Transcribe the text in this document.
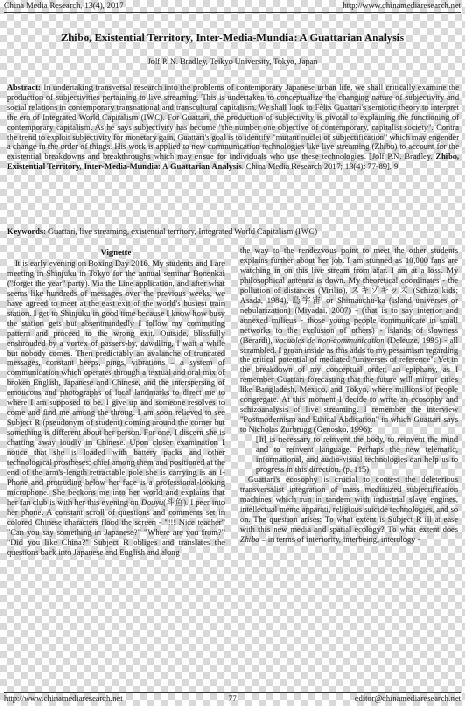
China Media Research, 13(4), 2017	http://www.chinamediaresearch.net
Zhibo, Existential Territory, Inter-Media-Mundia: A Guattarian Analysis
Jolf P. N. Bradley, Teikyo University, Tokyo, Japan
Abstract: In undertaking transversal research into the problems of contemporary Japanese urban life, we shall critically examine the production of subjectivities pertaining to live streaming. This is undertaken to conceptualize the changing nature of subjectivity and social relations in contemporary transnational and transcultural capitalism. We shall look to Félix Guattari's semiotic theory to interpret the era of Integrated World Capitalism (IWC). For Guattari, the production of subjectivity is pivotal to explaining the functioning of contemporary capitalism. As he says subjectivity has become "the number one objective of contemporary, capitalist society". Contra the trend to exploit subjectivity for monetary gain, Guattari's goal is to identify "mutant nuclei of subjectification" which may engender a change in the order of things. His work is applied to new communication technologies like live streaming (Zhibo) to account for the existential breakdowns and breakthroughs which may ensue for individuals who use these technologies. [Jolf P.N. Bradley. Zhibo, Existential Territory, Inter-Media-Mundia: A Guattarian Analysis. China Media Research 2017; 13(4): 77-89]. 9
Keywords: Guattari, live streaming, existential territory, Integrated World Capitalism (IWC)
Vignette

It is early evening on Boxing Day 2016. My students and I are meeting in Shinjuku in Tokyo for the annual seminar Bonenkai ("forget the year" party). Via the Line application, and after what seems like hundreds of messages over the previous weeks, we have agreed to meet at the east exit of the world's busiest train station. I get to Shinjuku in good time because I know how busy the station gets but absentmindedly I follow my commuting pattern and proceed to the wrong exit. Outside, blissfully enshrouded by a vortex of passers-by, dawdling, I wait a while but nobody comes. Then predictably an avalanche of truncated messages, constant beeps, pings, vibrations – a system of communication which operates through a textual and oral mix of broken English, Japanese and Chinese, and the interspersing of emoticons and photographs of local landmarks to direct me to where I am supposed to be. I give up and someone resolves to come and find me among the throng. I am soon relieved to see Subject R (pseudonym of student) coming around the corner but something is different about her person. For one, I discern she is chatting away loudly in Chinese. Upon closer examination I notice that she is loaded with battery packs and other technological prostheses; chief among them and positioned at the end of the arm's-length retractable pole she is carrying is an I-Phone and protruding below her face is a professional-looking microphone. She beckons me into her world and explains that her fan club is with her this evening on Douyu(斗鱼). I peer into her phone. A constant scroll of questions and comments set in colored Chinese characters flood the screen - "!!! Nice teacher" "Can you say something in Japanese?" "Where are you from?" "Did you like China?" Subject R obliges and translates the questions back into Japanese and English and along

the way to the rendezvous point to meet the other students explains further about her job. I am stunned as 10,000 fans are watching in on this live stream from afar. I am at a loss. My philosophical antenna is down. My theoretical coordinates - the pollution of distances (Virilio), スキゾキッズ (Schizo kids; Asada, 1984), 島宇宙 or Shimauchu-ka (island universes or nebularization) (Miyadai, 2007) - (that is to say interior and annexed milieus - those young people communicate in small networks to the exclusion of others) - islands of slowness (Berardi), vacuoles de non-communication (Deleuze, 1995) - all scrambled. I groan inside as this adds to my pessimism regarding the critical potential of mediated "universes of reference". Yet in the breakdown of my conceptual order, an epiphany, as I remember Guattari forecasting that the future will mirror cities like Bangladesh, Mexico, and Tokyo, where millions of people congregate. At this moment I decide to write an ecosophy and schizoanalysis of live streaming. I remember the interview "Postmodernism and Ethical Abdication" in which Guattari says to Nicholas Zurbrugg (Genosko, 1996):

[It] is necessary to reinvent the body, to reinvent the mind and to reinvent language. Perhaps the new telematic, informational, and audio-visual technologies can help us to progress in this direction. (p. 115)

Guattari's ecosophy is crucial to contest the deleterious transversalist integration of mass mediatized subjectification machines which run in tandem with industrial slave engines, intellectual meme apparati, religious suicide technologies, and so on. The question arises: To what extent is Subject R ill at ease with this new media and spatial ecology? To what extent does Zhibo – in terms of interiority, interbeing, interology -

http://www.chinamediaresearch.net	77	editor@chinamediaresearch.net
